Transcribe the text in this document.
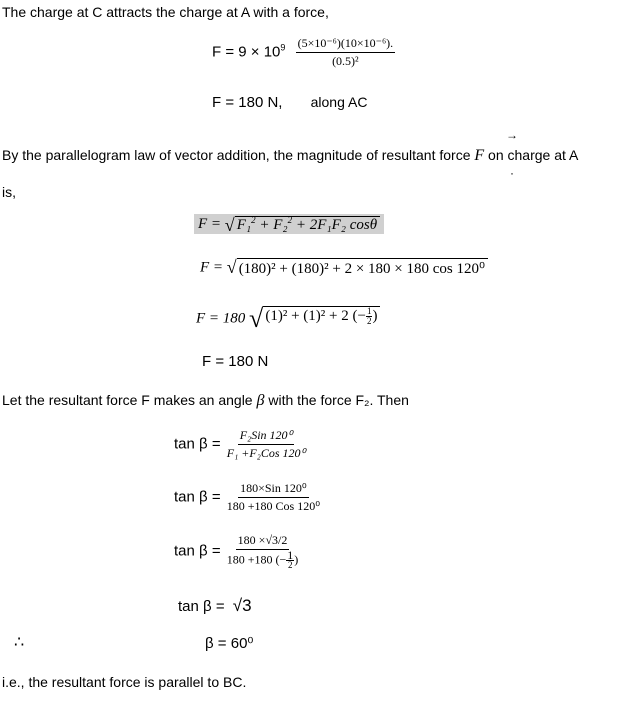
The charge at C attracts the charge at A with a force,
$F = 9 \times 10^9 \frac{\text{(5×10⁻⁶)(10×10⁻⁶).}}{\text{(0.5)²}}$
F = 180 N, along AC
→
By the parallelogram law of vector addition, the magnitude of resultant force F on charge at A
·
is,
F = √ F₁$^2$ + F₂$^2$ + 2F₁F₂ cosθ
F = √ (180)² + (180)² + 2 × 180 × 180 cos 120⁰
F = 180 √ (1)² + (1)² + 2 (− $\frac{1}{2}$ )
F = 180 N
Let the resultant force F makes an angle β with the force F₂. Then
$\tan \beta = \frac{\text{F₂Sin 120⁰}}{\text{F₁ +F₂Cos 120⁰}}$
$\tan \beta = \frac{\text{180×Sin 120⁰}}{\text{180 +180 Cos 120⁰}}$
tan β = 180 ×√3/2
180 +180 (− 1
2 )
tan β = √3
∴	β = 60⁰
i.e., the resultant force is parallel to BC.
